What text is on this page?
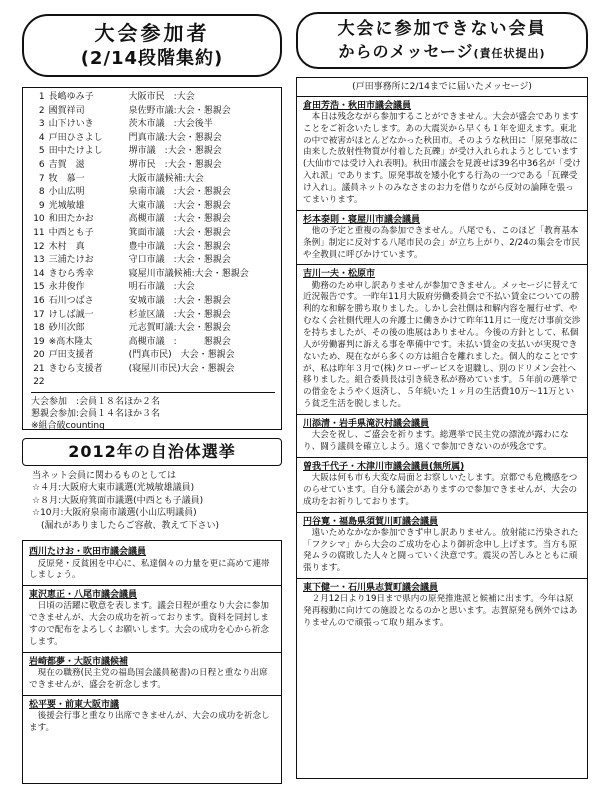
大会参加者
(2/14段階集約)
1 長嶋ゆみ子	大阪市民　:大会
2 國賀祥司	泉佐野市議:大会・懇親会
3 山下けいき	茨木市議　:大会後半
4 戸田ひさよし	門真市議:大会・懇親会
5 田中たけよし	堺市議　:大会・懇親会
6 吉賀　滋	堺市民　:大会・懇親会
7 牧　慕一	大阪市議候補:大会
8 小山広明	泉南市議　:大会・懇親会
9 光城敏雄	大東市議　:大会・懇親会
10 和田たかお	高槻市議　:大会・懇親会
11 中西とも子	箕面市議　:大会・懇親会
12 木村　真	豊中市議　:大会・懇親会
13 三浦たけお	守口市議　:大会・懇親会
14 きむら秀幸	寝屋川市議候補:大会・懇親会
15 永井俊作	明石市議　:大会
16 石川つばさ	安城市議　:大会・懇親会
17 けしば誠一	杉並区議　:大会・懇親会
18 砂川次郎	元志賀町議:大会・懇親会
19 ※高木隆太	高槻市議　:　　　懇親会
20 戸田支援者	(門真市民)　大会・懇親会
21 きむら支援者	(寝屋川市民)大会・懇親会
22
大会参加　:会員１８名ほか２名
懇親会参加:会員１４名ほか３名
※組合破counting
2012年の自治体選挙
当ネット会員に関わるものとしては
☆４月:大阪府大東市議選(光城敏雄議員)
☆８月:大阪府箕面市議選(中西とも子議員)
☆10月:大阪府泉南市議選(小山広明議員)
　(漏れがありましたらご容赦、教えて下さい)
西川たけお・吹田市議会議員
反原発・反貧困を中心に、私達個々の力量を更に高めて連帯しましょう。
東沢恵正・八尾市議会議員
日頃の活躍に敬意を表します。議会日程が重なり大会に参加できませんが、大会の成功を祈っております。資料を同封しますので配布をよろしくお願いします。大会の成功を心から祈念します。
岩崎都夢・大阪市議候補
現在の職務(民主党の福島国会議員秘書)の日程と重なり出席できませんが、盛会を祈念します。
松平要・前東大阪市議
後援会行事と重なり出席できませんが、大会の成功を祈念します。
大会に参加できない会員
からのメッセージ(責任状提出)
(戸田事務所に2/14までに届いたメッセージ)
倉田芳浩・秋田市議会議員
本日は残念ながら参加することができません。大会が盛会でありますことをご祈念いたします。あの大震災から早くも１年を迎えます。東北の中で被害がほとんどなかった秋田市。そのような秋田に「原発事故に由来した放射性物質が付着した瓦礫」が受け入れられようとしています(大仙市では受け入れ表明)。秋田市議会を見渡せば39名中36名が「受け入れ派」であります。原発事故を矮小化する行為の一つである「瓦礫受け入れ」。議員ネットのみなさまのお力を借りながら反対の論陣を張ってまいります。
杉本泰則・寝屋川市議会議員
他の予定と重複の為参加できません。八尾でも、このほど「教育基本条例」制定に反対する八尾市民の会」が立ち上がり、2/24の集会を市民や全教員に呼びかけています。
吉川一夫・松原市
勤務のため申し訳ありませんが参加できません。メッセージに替えて近況報告です。一昨年11月大阪府労働委員会で不払い賃金についての勝利的な和解を勝ち取りました。しかし会社側は和解内容を履行せず、やむなく会社側代理人の弁護士に働きかけて昨年11月に一度だけ事前交渉を持ちましたが、その後の進展はありません。今後の方針として、私個人が労働審判に訴える事を準備中です。未払い賃金の支払いが実現できないため、現在ながら多くの方は組合を離れました。個人的なことですが、私は昨年３月で(株)クローザービスを退職し、別のドリメン会社へ移りました。組合委員長は引き続き私が務めています。５年前の選挙での借金をようやく返済し、５年続いた１ヶ月の生活費10万～11万という貧乏生活を脱しました。
川添清・岩手県滝沢村議会議員
大会を祝し、ご盛会を祈ります。総選挙で民主党の漂流が露わになり、闘う議員を確立しよう。遠くで参加できないのが残念です。
曽我千代子・木津川市議会議員(無所属)
大阪は何も市も大変な局面とお察しいたします。京都でも危機感をつのらせています。自分も議会がありますので参加できませんが、大会の成功をお祈りしております。
円谷寛・福島県須賀川町議会議員
遠いためなかなか参加できず申し訳ありません。放射能に汚染された「フクシマ」から大会のご成功を心より御祈念申し上げます。当方も原発ムラの腐敗した人々と闘っていく決意です。震災の苦しみとともに頑張ります。
東下健一・石川県志賀町議会議員
２月12日より19日まで県内の原発推進派と候補に出ます。今年は原発再稼動に向けての施設となるのかと思います。志賀原発も例外ではありませんので頑張って取り組みます。
